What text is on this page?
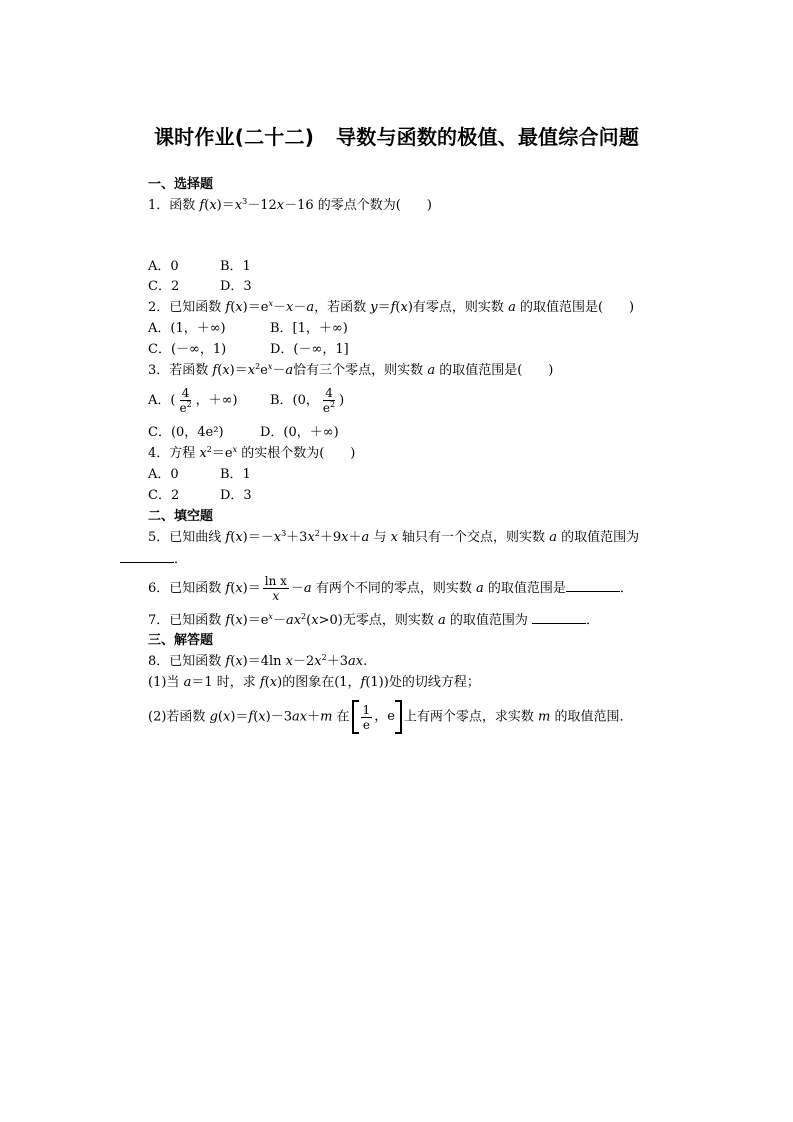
课时作业(二十二) 导数与函数的极值、最值综合问题
一、选择题
1．函数 $f(x)=x^3-12x-16$ 的零点个数为(　　)
A．0	B．1
C．2	D．3
2．已知函数 $f(x)=e^x-x-a$，若函数 y＝f(x)有零点，则实数 a 的取值范围是(　　)
A．(1，＋∞)	B．[1，＋∞)
C．(－∞，1)	D．(－∞，1]
3．若函数 $f(x)=x^2e^x-a$恰有三个零点，则实数 a 的取值范围是(　　)
A．( $\frac{4}{e^2}$ ，＋∞) B．(0， $\frac{4}{e^2}$ )
C．(0，4e²)	D．(0，＋∞)
4．方程 $x^2=e^x$ 的实根个数为(　　)
A．0	B．1
C．2	D．3
二、填空题
5．已知曲线 $f(x)=-x^3+3x^2+9x+a$ 与 x 轴只有一个交点，则实数 a 的取值范围为
．
6．已知函数 $f(x)= \frac{\text{ln x}}{x} -a$ 有两个不同的零点，则实数 a 的取值范围是	．
7．已知函数 $f(x)=e^x-ax^2(x>0)$无零点，则实数 a 的取值范围为	．
三、解答题
8．已知函数 f(x)＝4ln $x-2x^2+3ax$.
(1)当 a＝1 时，求 f(x)的图象在(1，f(1))处的切线方程；
(2)若函数 g(x)＝f(x)－3ax＋m 在 $\frac{1}{e}$ ， e 上有两个零点，求实数 m 的取值范围．
